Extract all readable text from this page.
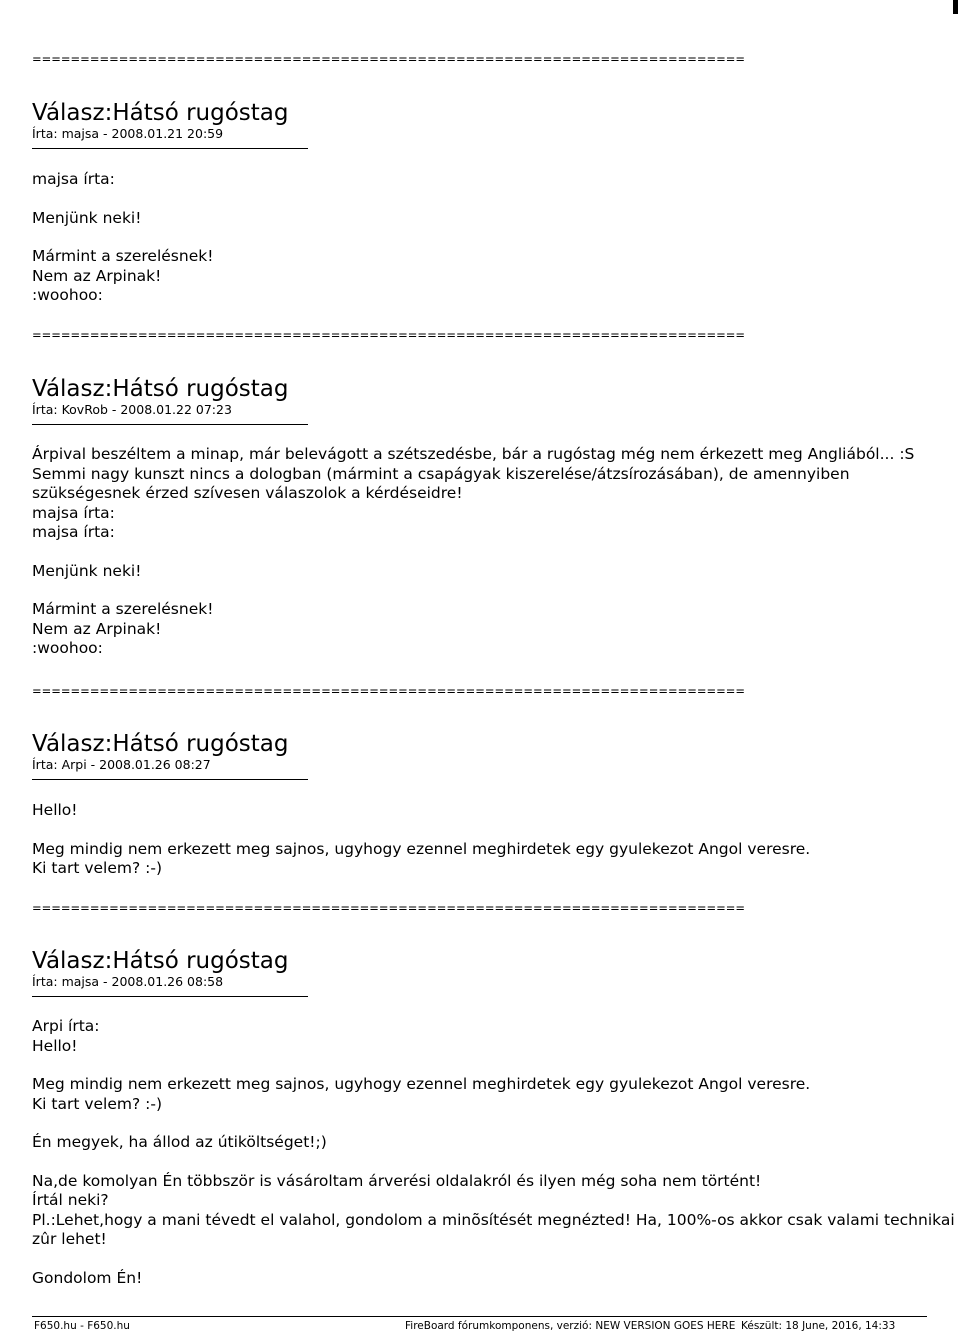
==========================================================================
Válasz:Hátsó rugóstag
Írta: majsa - 2008.01.21 20:59
majsa írta:
Menjünk neki!
Mármint a szerelésnek!
Nem az Arpinak!
:woohoo:
==========================================================================
Válasz:Hátsó rugóstag
Írta: KovRob - 2008.01.22 07:23
Árpival beszéltem a minap, már belevágott a szétszedésbe, bár a rugóstag még nem érkezett meg Angliából... :S
Semmi nagy kunszt nincs a dologban (mármint a csapágyak kiszerelése/átzsírozásában), de amennyiben
szükségesnek érzed szívesen válaszolok a kérdéseidre!
majsa írta:
majsa írta:
Menjünk neki!
Mármint a szerelésnek!
Nem az Arpinak!
:woohoo:
==========================================================================
Válasz:Hátsó rugóstag
Írta: Arpi - 2008.01.26 08:27
Hello!
Meg mindig nem erkezett meg sajnos, ugyhogy ezennel meghirdetek egy gyulekezot Angol veresre.
Ki tart velem? :-)
==========================================================================
Válasz:Hátsó rugóstag
Írta: majsa - 2008.01.26 08:58
Arpi írta:
Hello!
Meg mindig nem erkezett meg sajnos, ugyhogy ezennel meghirdetek egy gyulekezot Angol veresre.
Ki tart velem? :-)
Én megyek, ha állod az útiköltséget!;)
Na,de komolyan Én többször is vásároltam árverési oldalakról és ilyen még soha nem történt!
Írtál neki?
Pl.:Lehet,hogy a mani tévedt el valahol, gondolom a minõsítését megnézted! Ha, 100%-os akkor csak valami technikai
zûr lehet!
Gondolom Én!
F650.hu - F650.hu	FireBoard fórumkomponens, verzió: NEW VERSION GOES HERE Készült: 18 June, 2016, 14:33
